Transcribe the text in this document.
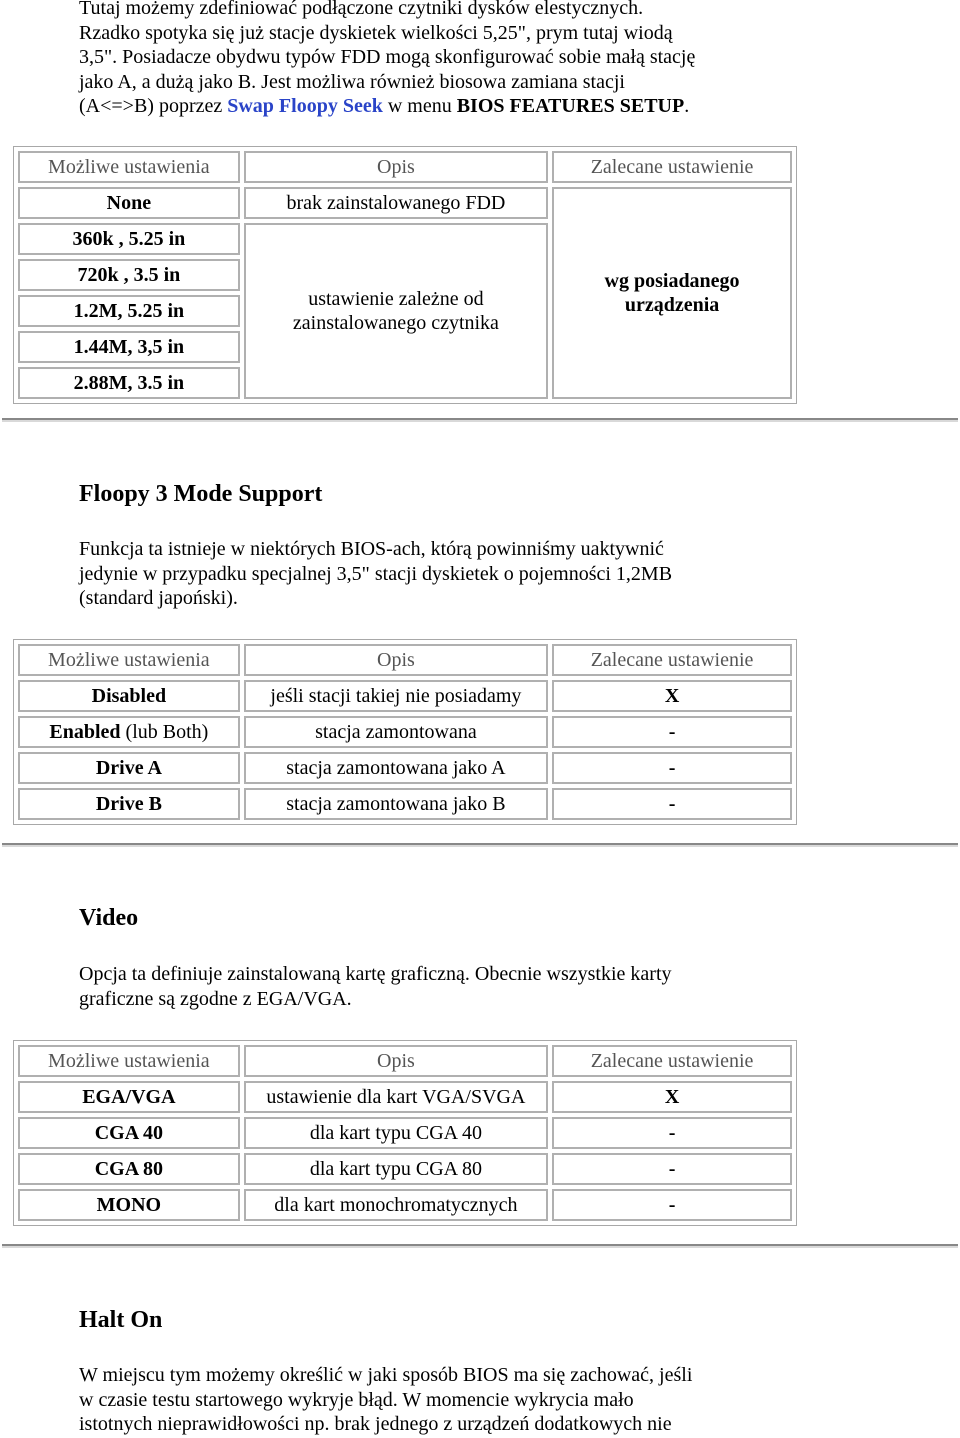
Tutaj możemy zdefiniować podłączone czytniki dysków elestycznych.
Rzadko spotyka się już stacje dyskietek wielkości 5,25", prym tutaj wiodą
3,5". Posiadacze obydwu typów FDD mogą skonfigurować sobie małą stację
jako A, a dużą jako B. Jest możliwa również biosowa zamiana stacji
(A<=>B) poprzez Swap Floopy Seek w menu BIOS FEATURES SETUP.

Możliwe ustawienia	Opis	Zalecane ustawienie
None	brak zainstalowanego FDD	wg posiadanego
urządzenia
360k , 5.25 in	ustawienie zależne od
zainstalowanego czytnika	
720k , 3.5 in		
1.2M, 5.25 in		
1.44M, 3,5 in		
2.88M, 3.5 in		
Floopy 3 Mode Support

Funkcja ta istnieje w niektórych BIOS-ach, którą powinniśmy uaktywnić
jedynie w przypadku specjalnej 3,5" stacji dyskietek o pojemności 1,2MB
(standard japoński).

Możliwe ustawienia	Opis	Zalecane ustawienie
Disabled	jeśli stacji takiej nie posiadamy	X
Enabled (lub Both)	stacja zamontowana	-
Drive A	stacja zamontowana jako A	-
Drive B	stacja zamontowana jako B	-
Video

Opcja ta definiuje zainstalowaną kartę graficzną. Obecnie wszystkie karty
graficzne są zgodne z EGA/VGA.

Możliwe ustawienia	Opis	Zalecane ustawienie
EGA/VGA	ustawienie dla kart VGA/SVGA	X
CGA 40	dla kart typu CGA 40	-
CGA 80	dla kart typu CGA 80	-
MONO	dla kart monochromatycznych	-
Halt On

W miejscu tym możemy określić w jaki sposób BIOS ma się zachować, jeśli
w czasie testu startowego wykryje błąd. W momencie wykrycia mało
istotnych nieprawidłowości np. brak jednego z urządzeń dodatkowych nie
